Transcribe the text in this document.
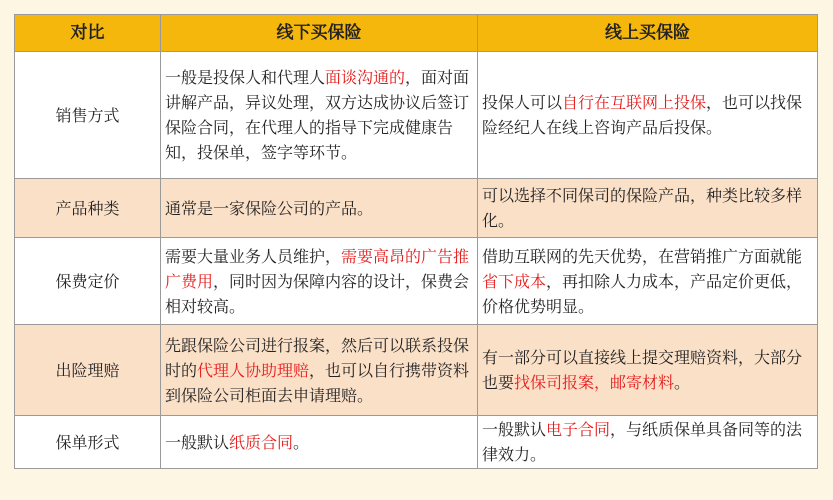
对比	线下买保险	线上买保险
销售方式	一般是投保人和代理人面谈沟通的，面对面讲解产品，异议处理，双方达成协议后签订保险合同，在代理人的指导下完成健康告知，投保单，签字等环节。	投保人可以自行在互联网上投保，也可以找保险经纪人在线上咨询产品后投保。
产品种类	通常是一家保险公司的产品。	可以选择不同保司的保险产品，种类比较多样化。
保费定价	需要大量业务人员维护，需要高昂的广告推广费用，同时因为保障内容的设计，保费会相对较高。	借助互联网的先天优势，在营销推广方面就能省下成本，再扣除人力成本，产品定价更低，价格优势明显。
出险理赔	先跟保险公司进行报案，然后可以联系投保时的代理人协助理赔，也可以自行携带资料到保险公司柜面去申请理赔。	有一部分可以直接线上提交理赔资料，大部分也要找保司报案，邮寄材料。
保单形式	一般默认纸质合同。	一般默认电子合同，与纸质保单具备同等的法律效力。
